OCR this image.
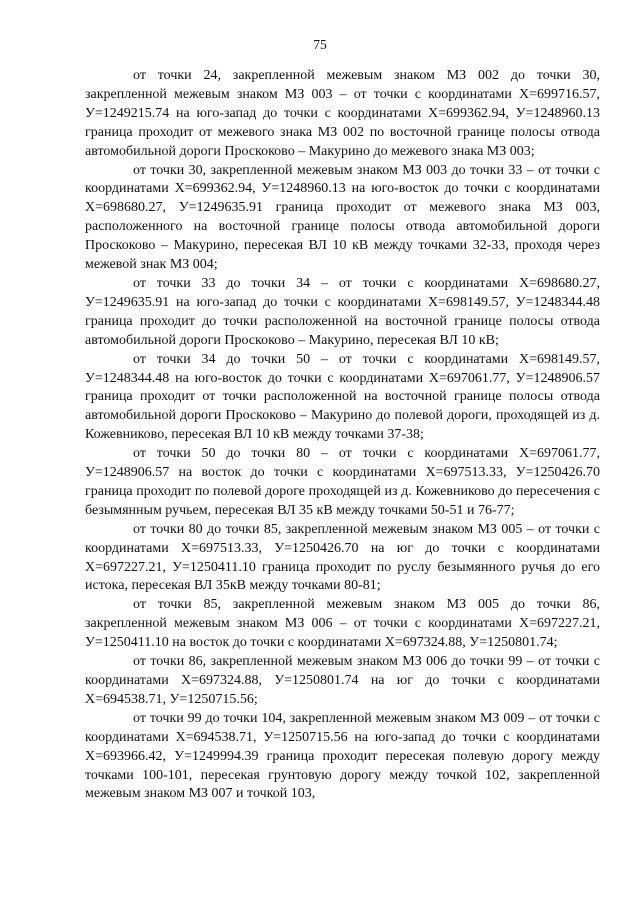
75

от точки 24, закрепленной межевым знаком МЗ 002 до точки 30, закрепленной межевым знаком МЗ 003 – от точки с координатами Х=699716.57, У=1249215.74 на юго-запад до точки с координатами Х=699362.94, У=1248960.13 граница проходит от межевого знака МЗ 002 по восточной границе полосы отвода автомобильной дороги Проскоково – Макурино до межевого знака МЗ 003;

от точки 30, закрепленной межевым знаком МЗ 003 до точки 33 – от точки с координатами Х=699362.94, У=1248960.13 на юго-восток до точки с координатами Х=698680.27, У=1249635.91 граница проходит от межевого знака МЗ 003, расположенного на восточной границе полосы отвода автомобильной дороги Проскоково – Макурино, пересекая ВЛ 10 кВ между точками 32-33, проходя через межевой знак МЗ 004;

от точки 33 до точки 34 – от точки с координатами Х=698680.27, У=1249635.91 на юго-запад до точки с координатами Х=698149.57, У=1248344.48 граница проходит до точки расположенной на восточной границе полосы отвода автомобильной дороги Проскоково – Макурино, пересекая ВЛ 10 кВ;

от точки 34 до точки 50 – от точки с координатами Х=698149.57, У=1248344.48 на юго-восток до точки с координатами Х=697061.77, У=1248906.57 граница проходит от точки расположенной на восточной границе полосы отвода автомобильной дороги Проскоково – Макурино до полевой дороги, проходящей из д. Кожевниково, пересекая ВЛ 10 кВ между точками 37-38;

от точки 50 до точки 80 – от точки с координатами Х=697061.77, У=1248906.57 на восток до точки с координатами Х=697513.33, У=1250426.70 граница проходит по полевой дороге проходящей из д. Кожевниково до пересечения с безымянным ручьем, пересекая ВЛ 35 кВ между точками 50-51 и 76-77;

от точки 80 до точки 85, закрепленной межевым знаком МЗ 005 – от точки с координатами Х=697513.33, У=1250426.70 на юг до точки с координатами Х=697227.21, У=1250411.10 граница проходит по руслу безымянного ручья до его истока, пересекая ВЛ 35кВ между точками 80-81;

от точки 85, закрепленной межевым знаком МЗ 005 до точки 86, закрепленной межевым знаком МЗ 006 – от точки с координатами Х=697227.21, У=1250411.10 на восток до точки с координатами Х=697324.88, У=1250801.74;

от точки 86, закрепленной межевым знаком МЗ 006 до точки 99 – от точки с координатами Х=697324.88, У=1250801.74 на юг до точки с координатами Х=694538.71, У=1250715.56;

от точки 99 до точки 104, закрепленной межевым знаком МЗ 009 – от точки с координатами Х=694538.71, У=1250715.56 на юго-запад до точки с координатами Х=693966.42, У=1249994.39 граница проходит пересекая полевую дорогу между точками 100-101, пересекая грунтовую дорогу между точкой 102, закрепленной межевым знаком МЗ 007 и точкой 103,
